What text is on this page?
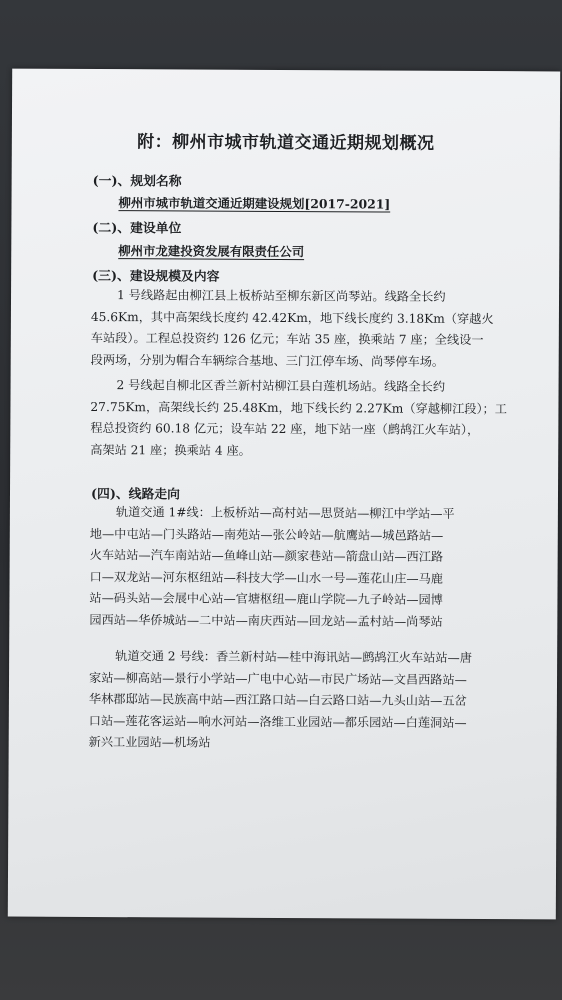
附：柳州市城市轨道交通近期规划概况
(一)、规划名称
柳州市城市轨道交通近期建设规划[2017-2021]
(二)、建设单位
柳州市龙建投资发展有限责任公司
(三)、建设规模及内容
1 号线路起由柳江县上板桥站至柳东新区尚琴站。线路全长约
45.6Km，其中高架线长度约 42.42Km，地下线长度约 3.18Km（穿越火
车站段）。工程总投资约 126 亿元；车站 35 座，换乘站 7 座；全线设一
段两场，分别为帽合车辆综合基地、三门江停车场、尚琴停车场。
2 号线起自柳北区香兰新村站柳江县白莲机场站。线路全长约
27.75Km，高架线长约 25.48Km，地下线长约 2.27Km（穿越柳江段）；工
程总投资约 60.18 亿元；设车站 22 座，地下站一座（鹧鸪江火车站），
高架站 21 座；换乘站 4 座。
(四)、线路走向
轨道交通 1#线：上板桥站—高村站—思贤站—柳江中学站—平
地—中屯站—门头路站—南苑站—张公岭站—航鹰站—城邑路站—
火车站站—汽车南站站—鱼峰山站—颜家巷站—箭盘山站—西江路
口—双龙站—河东枢纽站—科技大学—山水一号—莲花山庄—马鹿
站—码头站—会展中心站—官塘枢纽—鹿山学院—九子岭站—园博
园西站—华侨城站—二中站—南庆西站—回龙站—孟村站—尚琴站
轨道交通 2 号线：香兰新村站—桂中海讯站—鹧鸪江火车站站—唐
家站—柳高站—景行小学站—广电中心站—市民广场站—文昌西路站—
华林郡邸站—民族高中站—西江路口站—白云路口站—九头山站—五岔
口站—莲花客运站—响水河站—洛维工业园站—都乐园站—白莲洞站—
新兴工业园站—机场站
